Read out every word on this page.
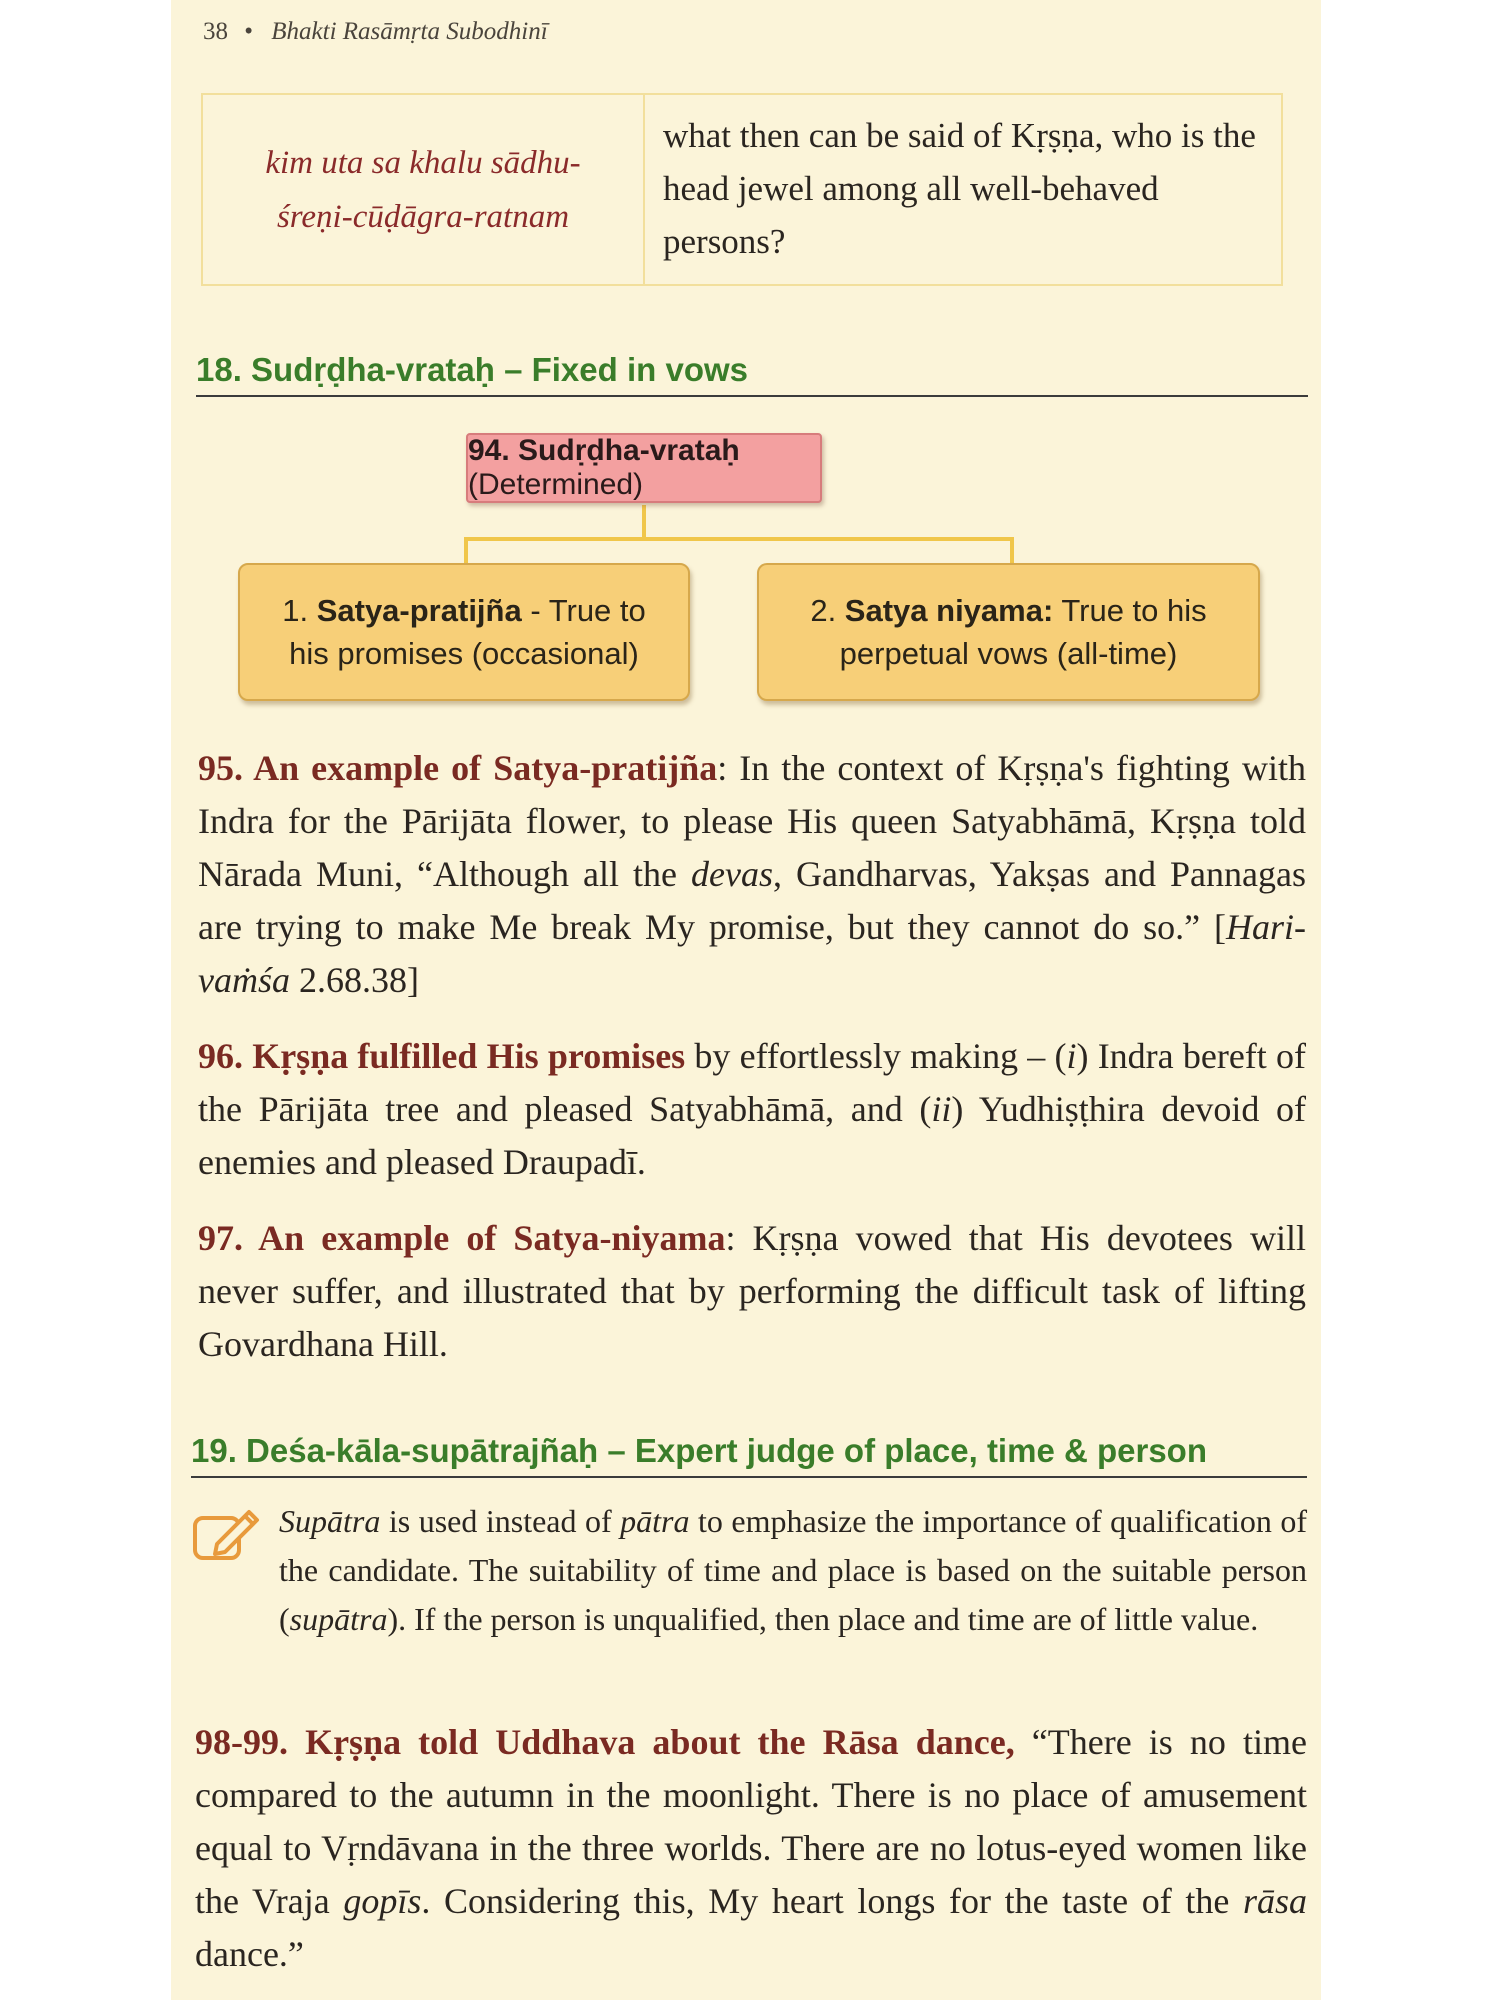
38 • Bhakti Rasāmṛta Subodhinī
kim uta sa khalu sādhu-
śreṇi-cūḍāgra-ratnam
what then can be said of Kṛṣṇa, who is the head jewel among all well-behaved persons?
18. Sudṛḍha-vrataḥ – Fixed in vows
94. Sudṛḍha-vrataḥ (Determined)
1. Satya-pratijña - True to
his promises (occasional)
2. Satya niyama: True to his
perpetual vows (all-time)
95. An example of Satya-pratijña: In the context of Kṛṣṇa's fighting with Indra for the Pārijāta flower, to please His queen Satyabhāmā, Kṛṣṇa told Nārada Muni, “Although all the devas, Gandharvas, Yakṣas and Pannagas are trying to make Me break My promise, but they cannot do so.” [Hari-vaṁśa 2.68.38]
96. Kṛṣṇa fulfilled His promises by effortlessly making – (i) Indra bereft of the Pārijāta tree and pleased Satyabhāmā, and (ii) Yudhiṣṭhira devoid of enemies and pleased Draupadī.
97. An example of Satya-niyama: Kṛṣṇa vowed that His devotees will never suffer, and illustrated that by performing the difficult task of lifting Govardhana Hill.
19. Deśa-kāla-supātrajñaḥ – Expert judge of place, time & person
Supātra is used instead of pātra to emphasize the importance of qualification of the candidate. The suitability of time and place is based on the suitable person (supātra). If the person is unqualified, then place and time are of little value.
98-99. Kṛṣṇa told Uddhava about the Rāsa dance, “There is no time compared to the autumn in the moonlight. There is no place of amusement equal to Vṛndāvana in the three worlds. There are no lotus-eyed women like the Vraja gopīs. Considering this, My heart longs for the taste of the rāsa dance.”
